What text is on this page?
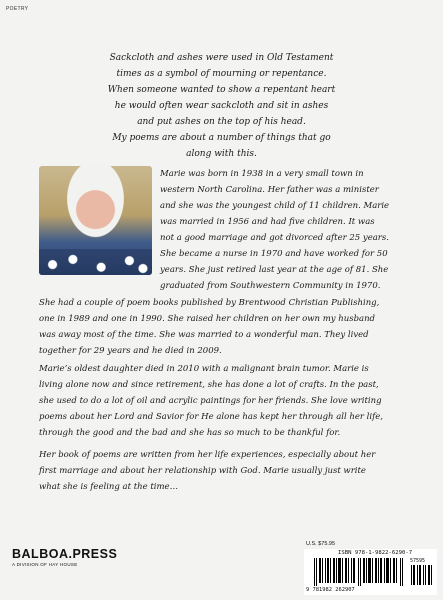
POETRY
Sackcloth and ashes were used in Old Testament
times as a symbol of mourning or repentance.
When someone wanted to show a repentant heart
he would often wear sackcloth and sit in ashes
and put ashes on the top of his head.
My poems are about a number of things that go
along with this.
Marie was born in 1938 in a very small town in
western North Carolina. Her father was a minister
and she was the youngest child of 11 children. Marie
was married in 1956 and had five children. It was
not a good marriage and got divorced after 25 years.
She became a nurse in 1970 and have worked for 50
years. She just retired last year at the age of 81. She
graduated from Southwestern Community in 1970.
She had a couple of poem books published by Brentwood Christian Publishing,
one in 1989 and one in 1990. She raised her children on her own my husband
was away most of the time. She was married to a wonderful man. They lived
together for 29 years and he died in 2009.
Marie’s oldest daughter died in 2010 with a malignant brain tumor. Marie is
living alone now and since retirement, she has done a lot of crafts. In the past,
she used to do a lot of oil and acrylic paintings for her friends. She love writing
poems about her Lord and Savior for He alone has kept her through all her life,
through the good and the bad and she has so much to be thankful for.
Her book of poems are written from her life experiences, especially about her
first marriage and about her relationship with God. Marie usually just write
what she is feeling at the time…
BALBOA.PRESS
A DIVISION OF HAY HOUSE
U.S. $75.95
ISBN 978-1-9822-6290-7
57595
9 781982 262907
